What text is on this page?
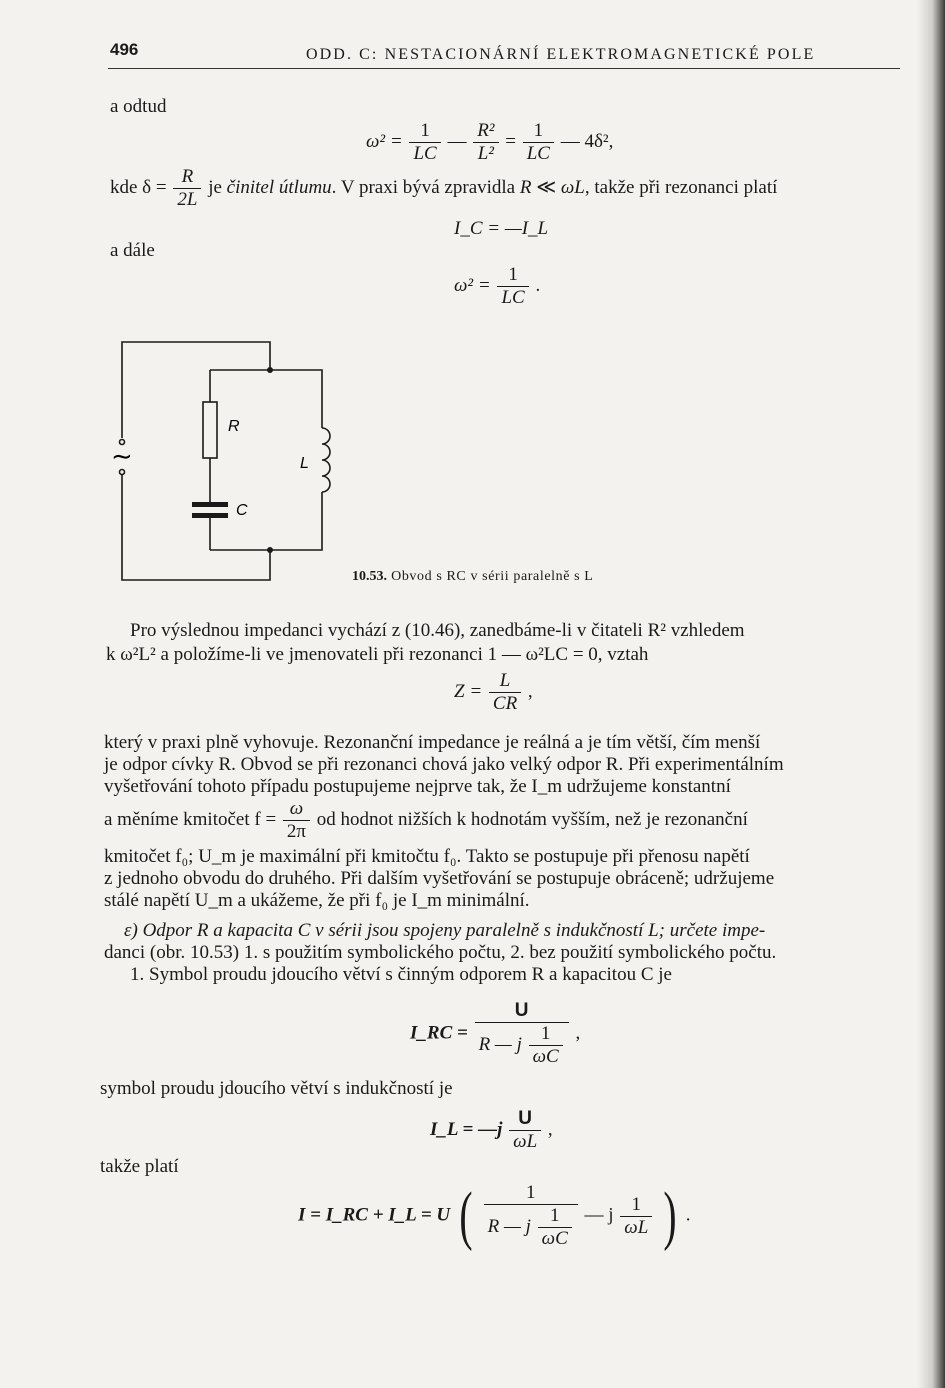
496	ODD. C: NESTACIONÁRNÍ ELEKTROMAGNETICKÉ POLE
a odtud
$\omega^2 = \frac{1}{LC}$ — $\frac{\text{R²}}{\text{L²}} = \frac{1}{LC}$ — 4δ²,
kde $\delta = \frac{R}{2L}$ je činitel útlumu. V praxi bývá zpravidla R ≪ ωL, takže při rezonanci platí
I_C = —I_L
a dále
$\omega^2 = \frac{1}{LC}$ .
R
L
C
∼
10.53. Obvod s RC v sérii paralelně s L
Pro výslednou impedanci vychází z (10.46), zanedbáme-li v čitateli R² vzhledem
k ω²L² a položíme-li ve jmenovateli při rezonanci 1 — ω²LC = 0, vztah
$Z = \frac{L}{CR}$ ,
který v praxi plně vyhovuje. Rezonanční impedance je reálná a je tím větší, čím menší
je odpor cívky R. Obvod se při rezonanci chová jako velký odpor R. Při experimentálním
vyšetřování tohoto případu postupujeme nejprve tak, že I_m udržujeme konstantní
a měníme kmitočet $f = \frac{\omega}{2\pi}$ od hodnot nižších k hodnotám vyšším, než je rezonanční
kmitočet f₀; U_m je maximální při kmitočtu f₀. Takto se postupuje při přenosu napětí
z jednoho obvodu do druhého. Při dalším vyšetřování se postupuje obráceně; udržujeme
stálé napětí U_m a ukážeme, že při f₀ je I_m minimální.
ε) Odpor R a kapacita C v sérii jsou spojeny paralelně s indukčností L; určete impe-
danci (obr. 10.53) 1. s použitím symbolického počtu, 2. bez použití symbolického počtu.
1. Symbol proudu jdoucího větví s činným odporem R a kapacitou C je
I_RC = $\frac{U}{R — j \frac{1}{\omega C}}$ ,
symbol proudu jdoucího větví s indukčností je
I_L = —j $\frac{U}{\omega L}$ ,
takže platí
I = I_RC + I_L = U ( $\frac{1}{R — j \frac{1}{\omega C}}$ — j $\frac{1}{\omega L}$ ) .
